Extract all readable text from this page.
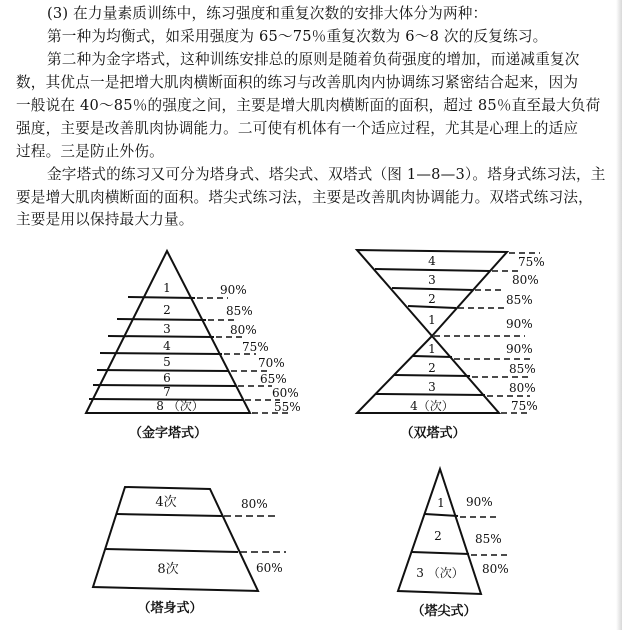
(3) 在力量素质训练中，练习强度和重复次数的安排大体分为两种：
第一种为均衡式，如采用强度为 65～75％重复次数为 6～8 次的反复练习。
第二种为金字塔式，这种训练安排总的原则是随着负荷强度的增加，而递减重复次
数，其优点一是把增大肌肉横断面积的练习与改善肌肉内协调练习紧密结合起来，因为
一般说在 40～85％的强度之间，主要是增大肌肉横断面的面积，超过 85％直至最大负荷
强度，主要是改善肌肉协调能力。二可使有机体有一个适应过程，尤其是心理上的适应
过程。三是防止外伤。
金字塔式的练习又可分为塔身式、塔尖式、双塔式（图 1—8—3）。塔身式练习法，主
要是增大肌肉横断面的面积。塔尖式练习法，主要是改善肌肉协调能力。双塔式练习法，
主要是用以保持最大力量。
1
2
3
4
5
6
7
8 （次）
90%
85%
80%
75%
70%
65%
60%
55%
（金字塔式）
4
3
2
1
1
2
3
4（次）
75%
80%
85%
90%
90%
85%
80%
75%
（双塔式）
4次
8次
80%
60%
（塔身式）
1
2
3 （次）
90%
85%
80%
（塔尖式）
